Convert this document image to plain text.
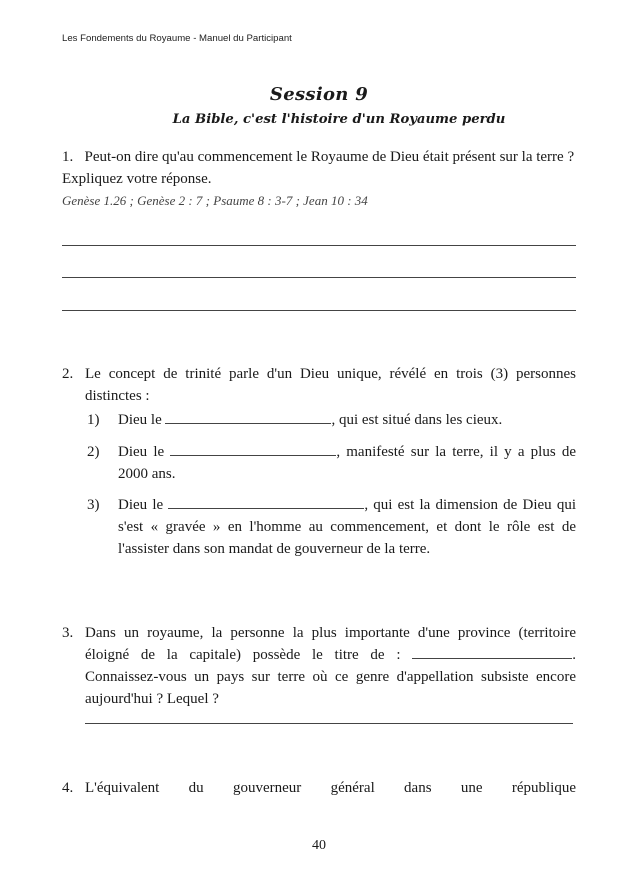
Les Fondements du Royaume - Manuel du Participant
Session 9
La Bible, c'est l'histoire d'un Royaume perdu
1. Peut-on dire qu'au commencement le Royaume de Dieu était présent sur la terre ? Expliquez votre réponse.
Genèse 1.26 ; Genèse 2 : 7 ; Psaume 8 : 3-7 ; Jean 10 : 34
2. Le concept de trinité parle d'un Dieu unique, révélé en trois (3) personnes distinctes :
1) Dieu le	, qui est situé dans les cieux.
2) Dieu le	, manifesté sur la terre, il y a plus de 2000 ans.
3) Dieu le	, qui est la dimension de Dieu qui s'est « gravée » en l'homme au commencement, et dont le rôle est de l'assister dans son mandat de gouverneur de la terre.
3. Dans un royaume, la personne la plus importante d'une province (territoire éloigné de la capitale) possède le titre de :	. Connaissez-vous un pays sur terre où ce genre d'appellation subsiste encore aujourd'hui ? Lequel ?
4. L'équivalent du gouverneur général dans une république
40
